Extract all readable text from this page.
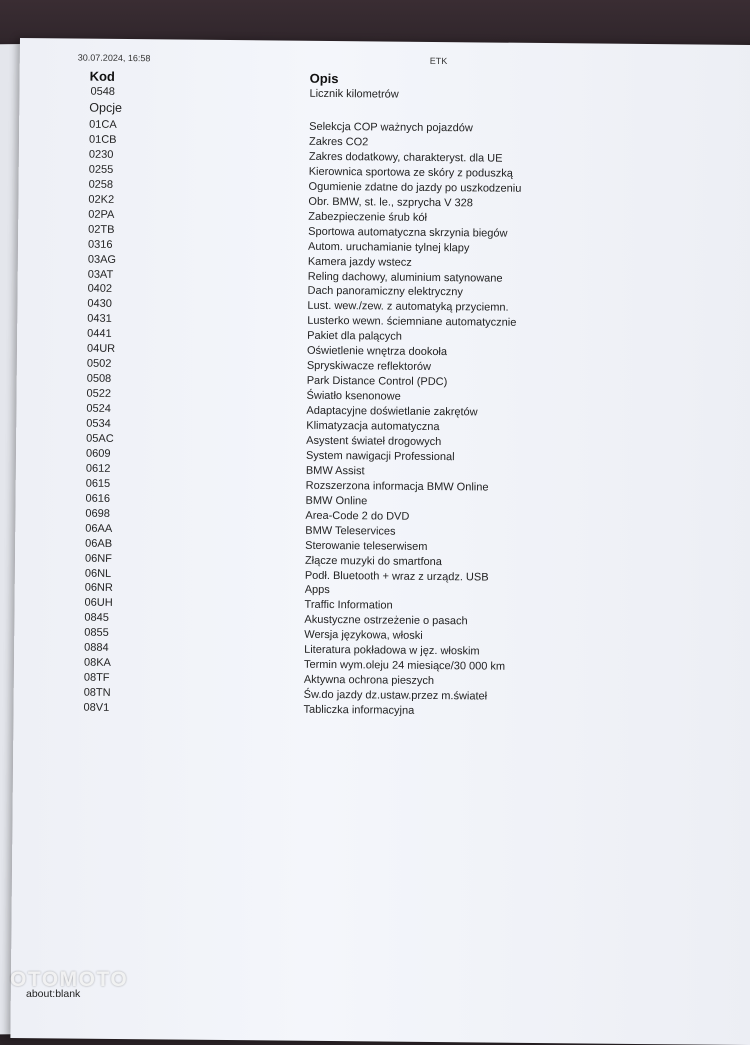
30.07.2024, 16:58	ETK
Kod	Opis
0548	Licznik kilometrów
Opcje
01CA	Selekcja COP ważnych pojazdów
01CB	Zakres CO2
0230	Zakres dodatkowy, charakteryst. dla UE
0255	Kierownica sportowa ze skóry z poduszką
0258	Ogumienie zdatne do jazdy po uszkodzeniu
02K2	Obr. BMW, st. le., szprycha V 328
02PA	Zabezpieczenie śrub kół
02TB	Sportowa automatyczna skrzynia biegów
0316	Autom. uruchamianie tylnej klapy
03AG	Kamera jazdy wstecz
03AT	Reling dachowy, aluminium satynowane
0402	Dach panoramiczny elektryczny
0430	Lust. wew./zew. z automatyką przyciemn.
0431	Lusterko wewn. ściemniane automatycznie
0441	Pakiet dla palących
04UR	Oświetlenie wnętrza dookoła
0502	Spryskiwacze reflektorów
0508	Park Distance Control (PDC)
0522	Światło ksenonowe
0524	Adaptacyjne doświetlanie zakrętów
0534	Klimatyzacja automatyczna
05AC	Asystent świateł drogowych
0609	System nawigacji Professional
0612	BMW Assist
0615	Rozszerzona informacja BMW Online
0616	BMW Online
0698	Area-Code 2 do DVD
06AA	BMW Teleservices
06AB	Sterowanie teleserwisem
06NF	Złącze muzyki do smartfona
06NL	Podł. Bluetooth + wraz z urządz. USB
06NR	Apps
06UH	Traffic Information
0845	Akustyczne ostrzeżenie o pasach
0855	Wersja językowa, włoski
0884	Literatura pokładowa w jęz. włoskim
08KA	Termin wym.oleju 24 miesiące/30 000 km
08TF	Aktywna ochrona pieszych
08TN	Św.do jazdy dz.ustaw.przez m.świateł
08V1	Tabliczka informacyjna
OTOMOTO
about:blank
